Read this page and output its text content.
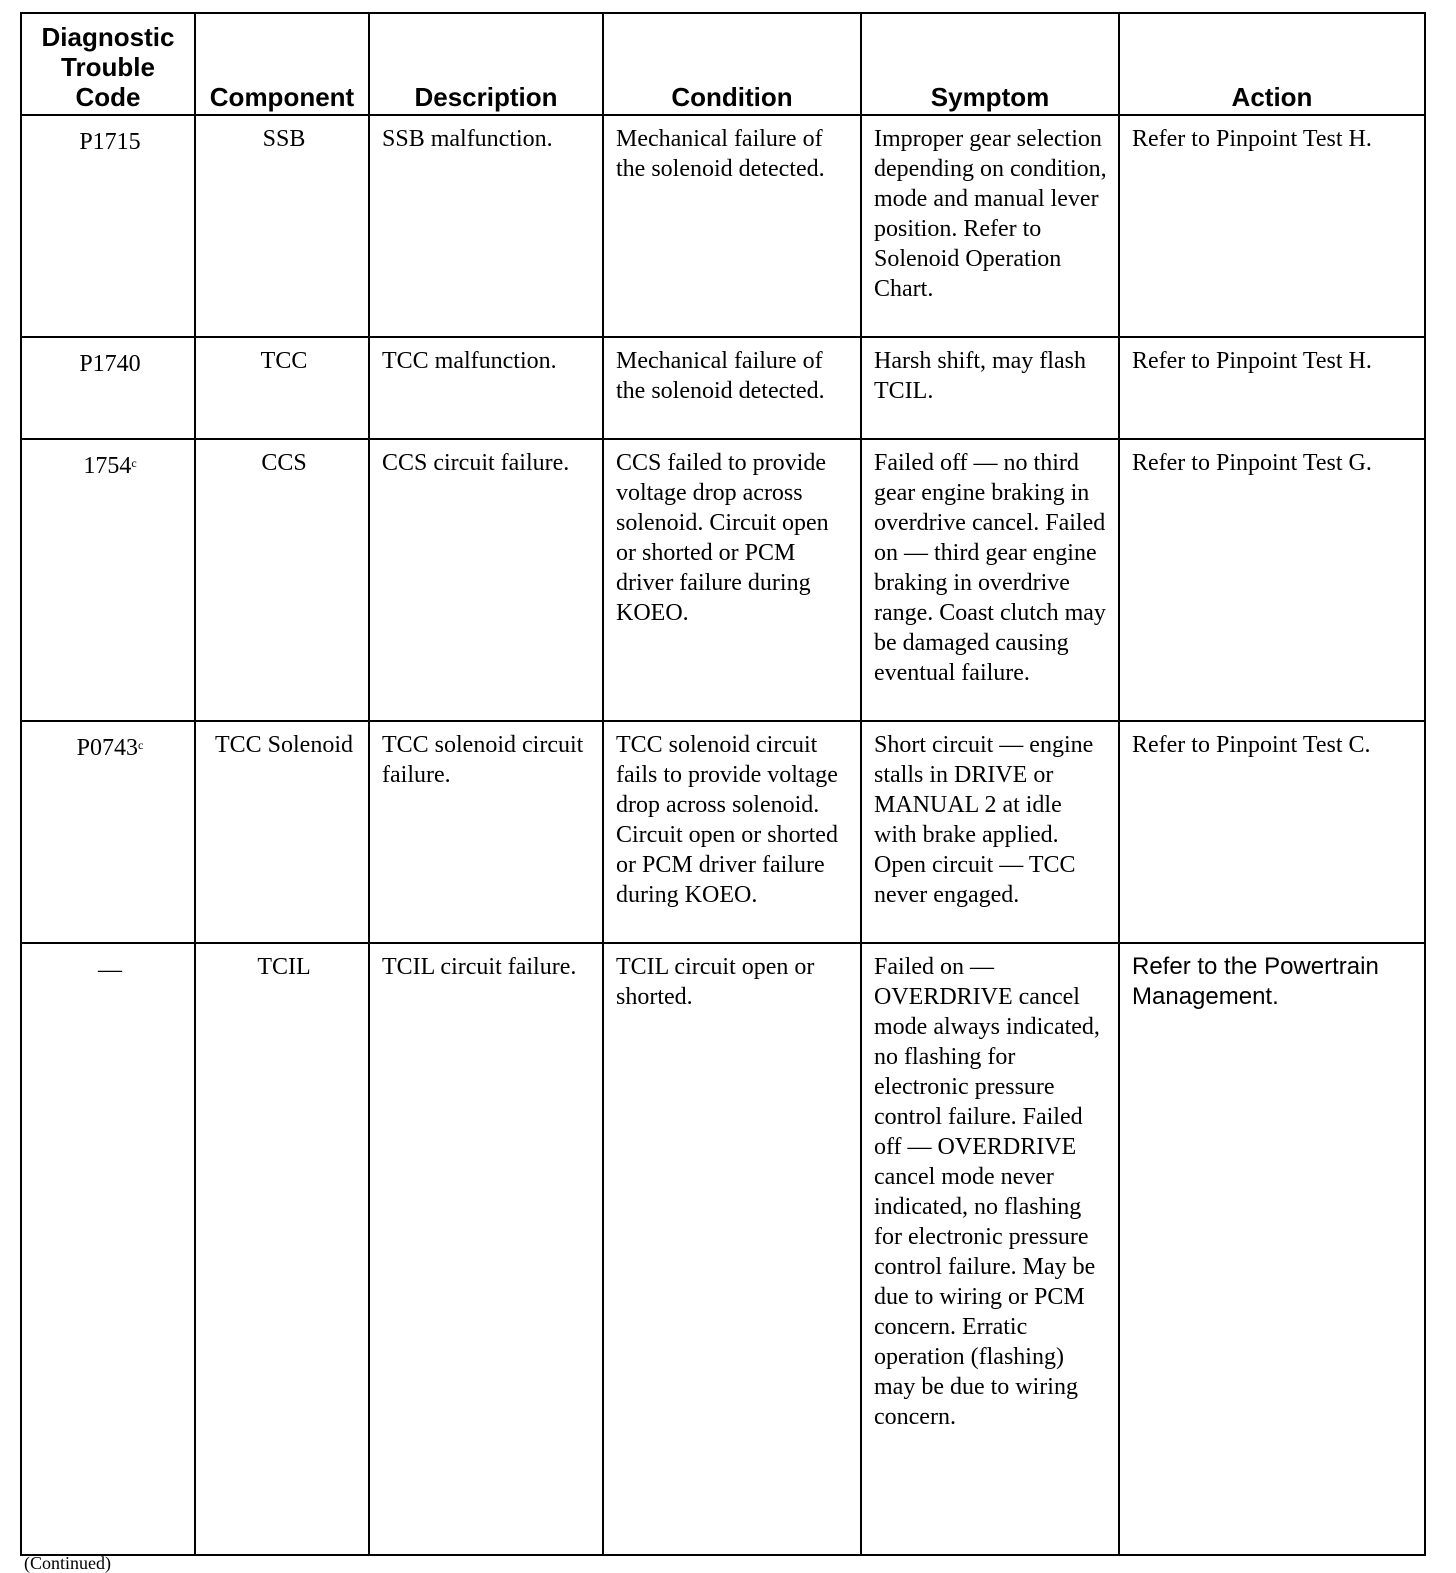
Diagnostic Trouble Code	Component	Description	Condition	Symptom	Action
P1715	SSB	SSB malfunction.	Mechanical failure of the solenoid detected.	Improper gear selection depending on condition, mode and manual lever position. Refer to Solenoid Operation Chart.	Refer to Pinpoint Test H.
P1740	TCC	TCC malfunction.	Mechanical failure of the solenoid detected.	Harsh shift, may flash TCIL.	Refer to Pinpoint Test H.
1754$^c$	CCS	CCS circuit failure.	CCS failed to provide voltage drop across solenoid. Circuit open or shorted or PCM driver failure during KOEO.	Failed off — no third gear engine braking in overdrive cancel. Failed on — third gear engine braking in overdrive range. Coast clutch may be damaged causing eventual failure.	Refer to Pinpoint Test G.
P0743$^c$	TCC Solenoid	TCC solenoid circuit failure.	TCC solenoid circuit fails to provide voltage drop across solenoid. Circuit open or shorted or PCM driver failure during KOEO.	Short circuit — engine stalls in DRIVE or MANUAL 2 at idle with brake applied. Open circuit — TCC never engaged.	Refer to Pinpoint Test C.
—	TCIL	TCIL circuit failure.	TCIL circuit open or shorted.	Failed on — OVERDRIVE cancel mode always indicated, no flashing for electronic pressure control failure. Failed off — OVERDRIVE cancel mode never indicated, no flashing for electronic pressure control failure. May be due to wiring or PCM concern. Erratic operation (flashing) may be due to wiring concern.	Refer to the Powertrain Management.
(Continued)
